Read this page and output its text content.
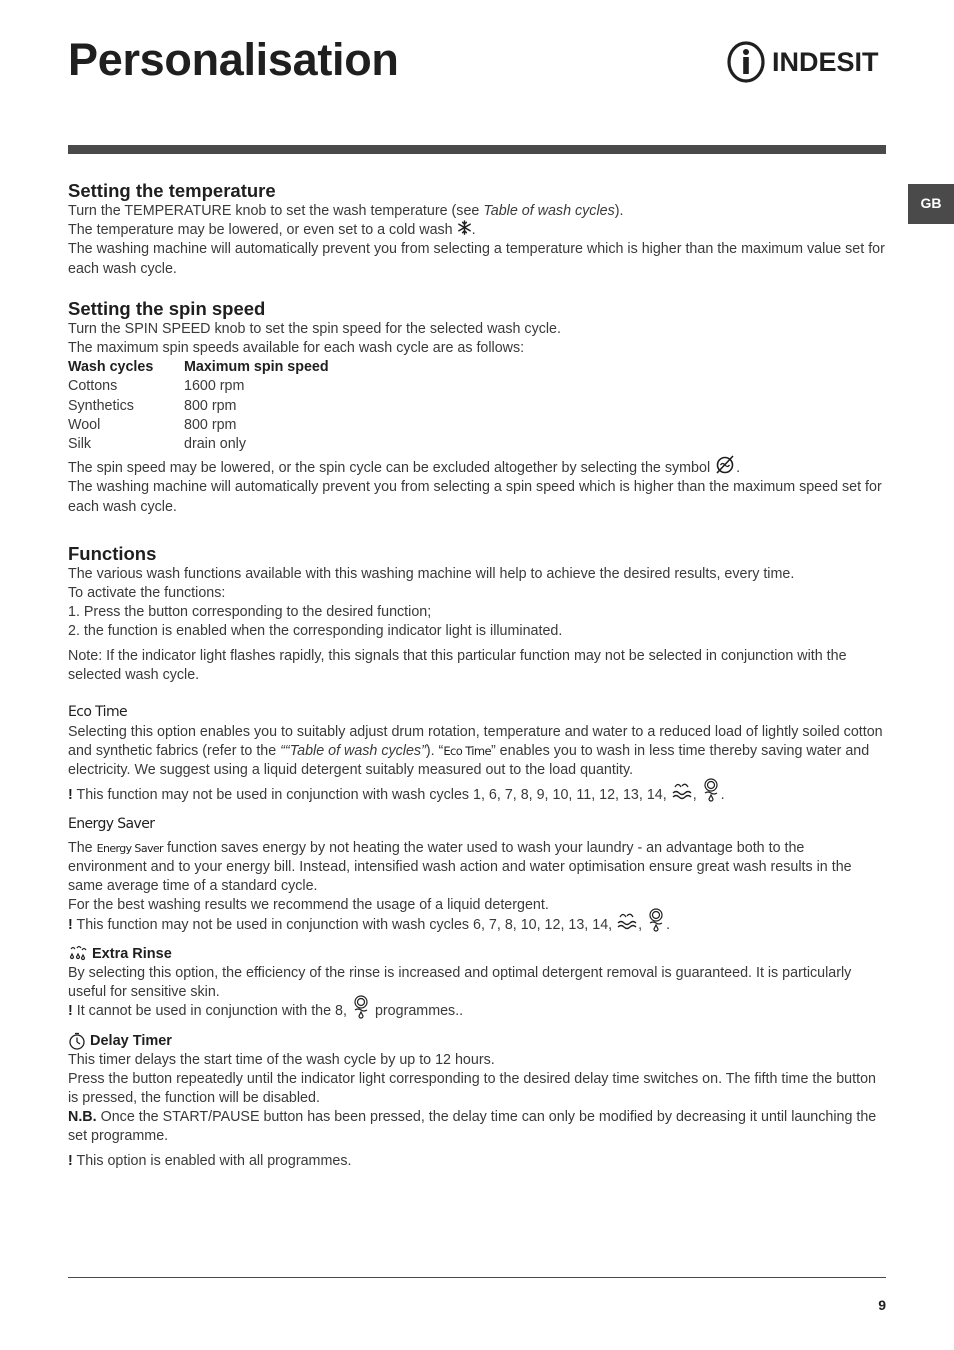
Personalisation	INDESIT
GB
Setting the temperature

Turn the TEMPERATURE knob to set the wash temperature (see Table of wash cycles).

The temperature may be lowered, or even set to a cold wash .

The washing machine will automatically prevent you from selecting a temperature which is higher than the maximum value set for each wash cycle.

Setting the spin speed

Turn the SPIN SPEED knob to set the spin speed for the selected wash cycle.

The maximum spin speeds available for each wash cycle are as follows:

Wash cycles	Maximum spin speed
Cottons	1600 rpm
Synthetics	800 rpm
Wool	800 rpm
Silk	drain only

The spin speed may be lowered, or the spin cycle can be excluded altogether by selecting the symbol .

The washing machine will automatically prevent you from selecting a spin speed which is higher than the maximum speed set for each wash cycle.

Functions

The various wash functions available with this washing machine will help to achieve the desired results, every time.

To activate the functions:

1. Press the button corresponding to the desired function;

2. the function is enabled when the corresponding indicator light is illuminated.

Note: If the indicator light flashes rapidly, this signals that this particular function may not be selected in conjunction with the selected wash cycle.

Eco Time

Selecting this option enables you to suitably adjust drum rotation, temperature and water to a reduced load of lightly soiled cotton and synthetic fabrics (refer to the ““Table of wash cycles”). “Eco Time” enables you to wash in less time thereby saving water and electricity. We suggest using a liquid detergent suitably measured out to the load quantity.

! This function may not be used in conjunction with wash cycles 1, 6, 7, 8, 9, 10, 11, 12, 13, 14, , .

Energy Saver

The Energy Saver function saves energy by not heating the water used to wash your laundry - an advantage both to the environment and to your energy bill. Instead, intensified wash action and water optimisation ensure great wash results in the same average time of a standard cycle.

For the best washing results we recommend the usage of a liquid detergent.

! This function may not be used in conjunction with wash cycles 6, 7, 8, 10, 12, 13, 14, , .

Extra Rinse

By selecting this option, the efficiency of the rinse is increased and optimal detergent removal is guaranteed. It is particularly useful for sensitive skin.

! It cannot be used in conjunction with the 8, programmes..

Delay Timer

This timer delays the start time of the wash cycle by up to 12 hours.

Press the button repeatedly until the indicator light corresponding to the desired delay time switches on. The fifth time the button is pressed, the function will be disabled.

N.B. Once the START/PAUSE button has been pressed, the delay time can only be modified by decreasing it until launching the set programme.

! This option is enabled with all programmes.

9
